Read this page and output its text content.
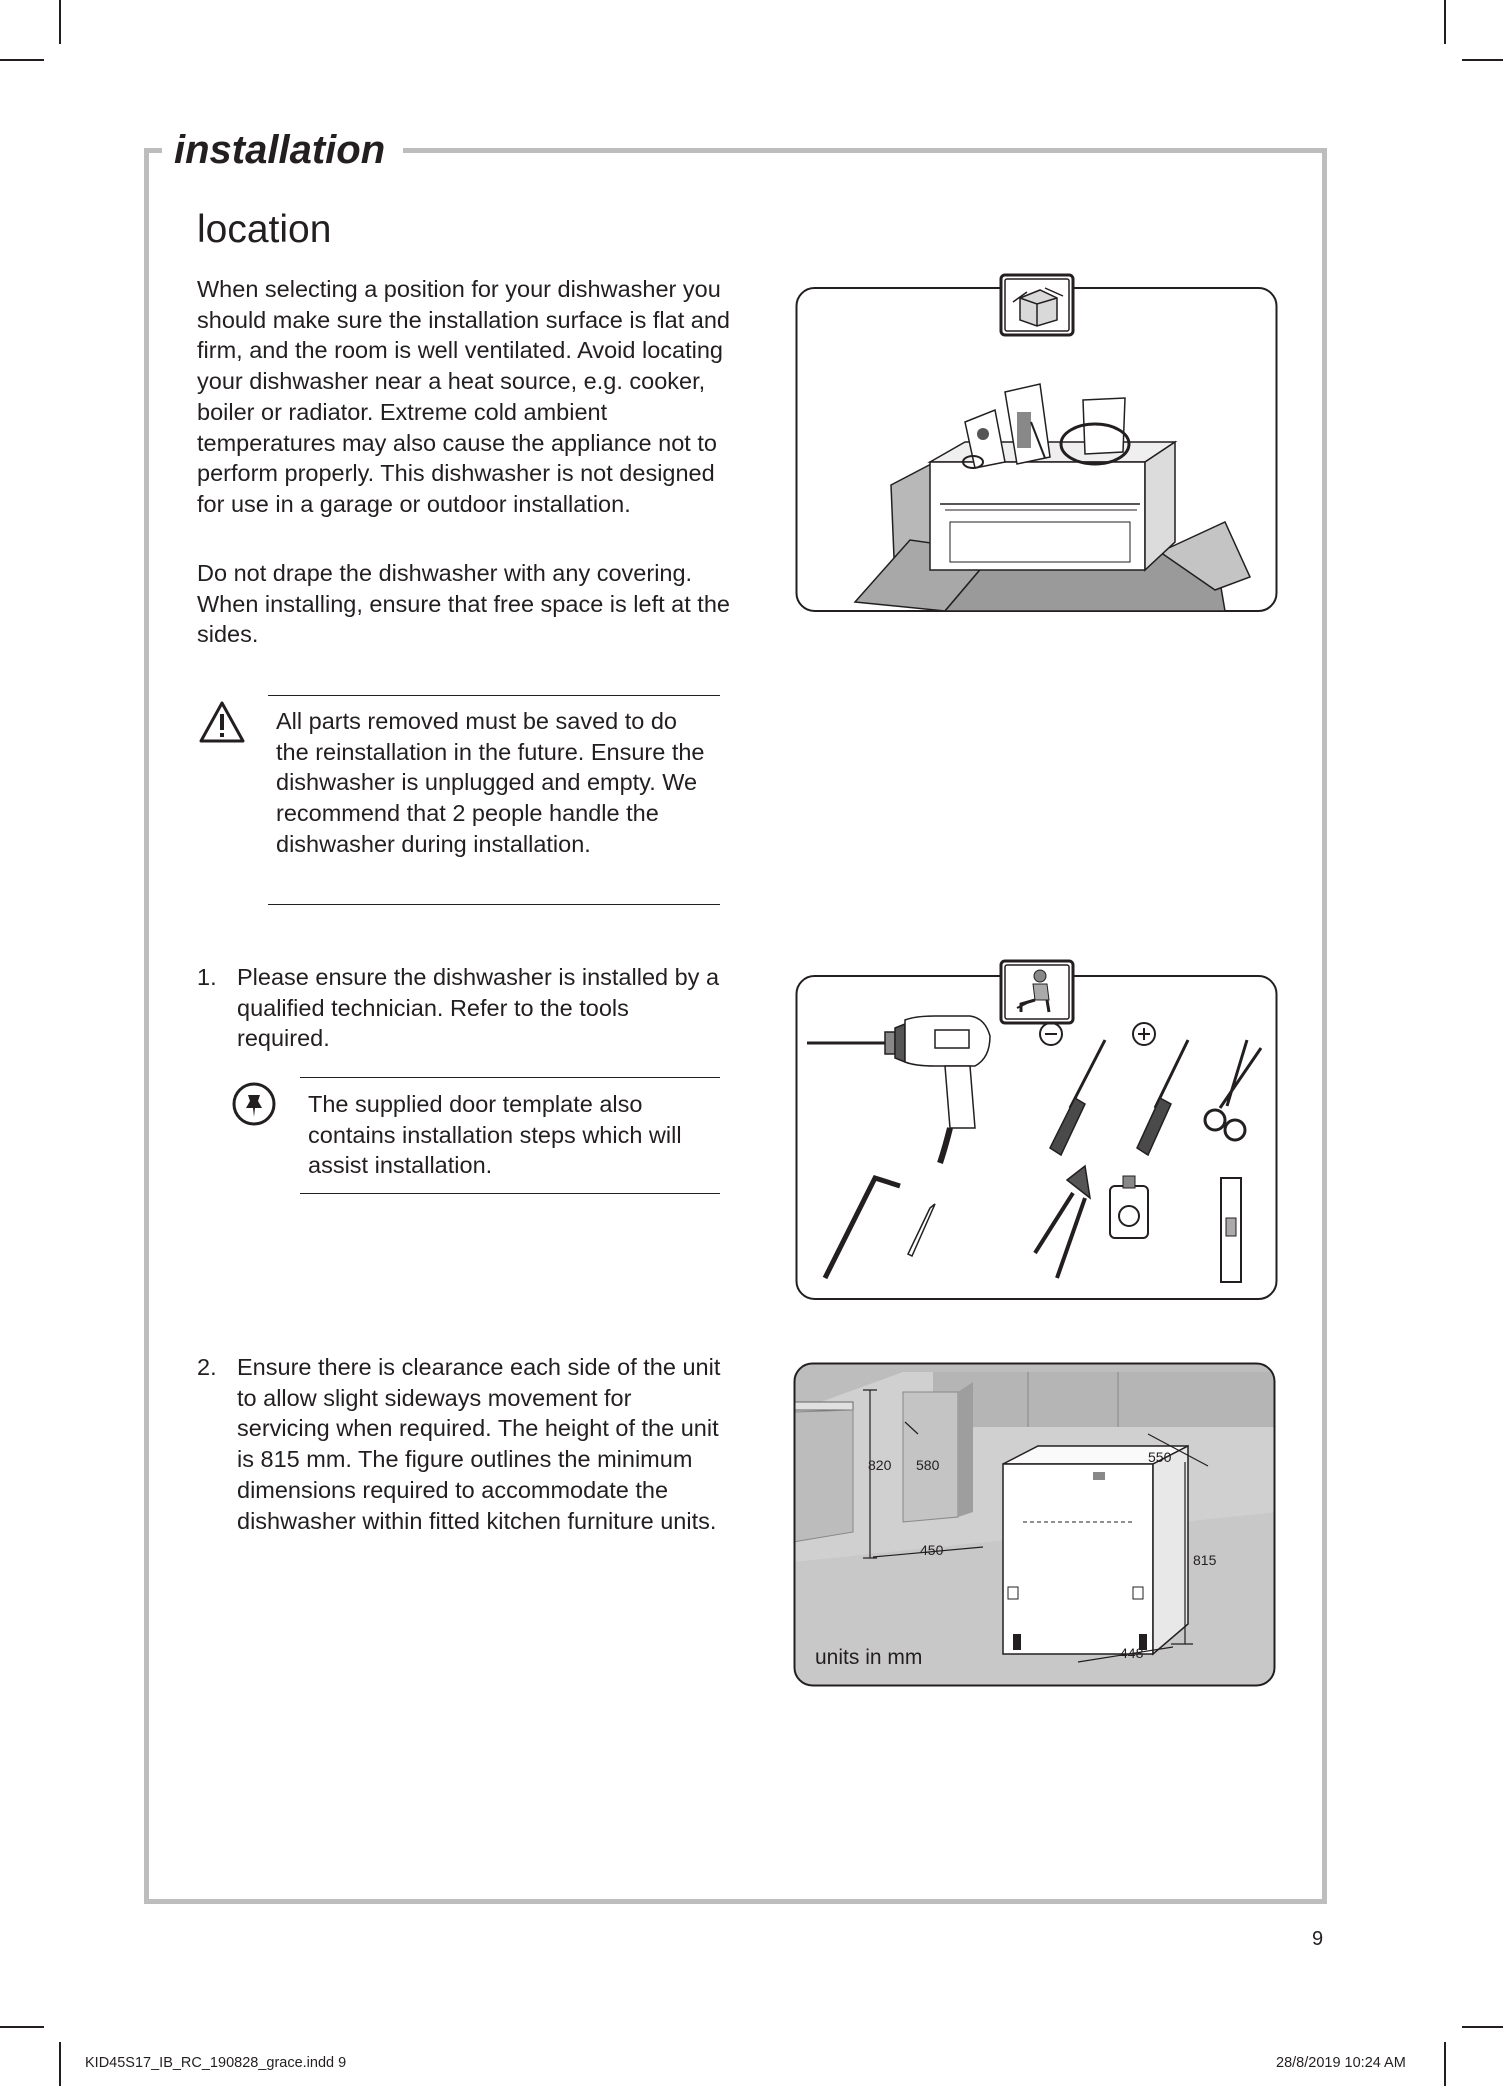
installation
location

When selecting a position for your dishwasher you should make sure the installation surface is flat and firm, and the room is well ventilated. Avoid locating your dishwasher near a heat source, e.g. cooker, boiler or radiator. Extreme cold ambient temperatures may also cause the appliance not to perform properly. This dishwasher is not designed for use in a garage or outdoor installation.

Do not drape the dishwasher with any covering. When installing, ensure that free space is left at the sides.

All parts removed must be saved to do the reinstallation in the future. Ensure the dishwasher is unplugged and empty. We recommend that 2 people handle the dishwasher during installation.

1. Please ensure the dishwasher is installed by a qualified technician. Refer to the tools required.

The supplied door template also contains installation steps which will assist installation.

2. Ensure there is clearance each side of the unit to allow slight sideways movement for servicing when required. The height of the unit is 815 mm. The figure outlines the minimum dimensions required to accommodate the dishwasher within fitted kitchen furniture units.

820 580	550
450
815
448
units in mm
9
KID45S17_IB_RC_190828_grace.indd 9	28/8/2019 10:24 AM
